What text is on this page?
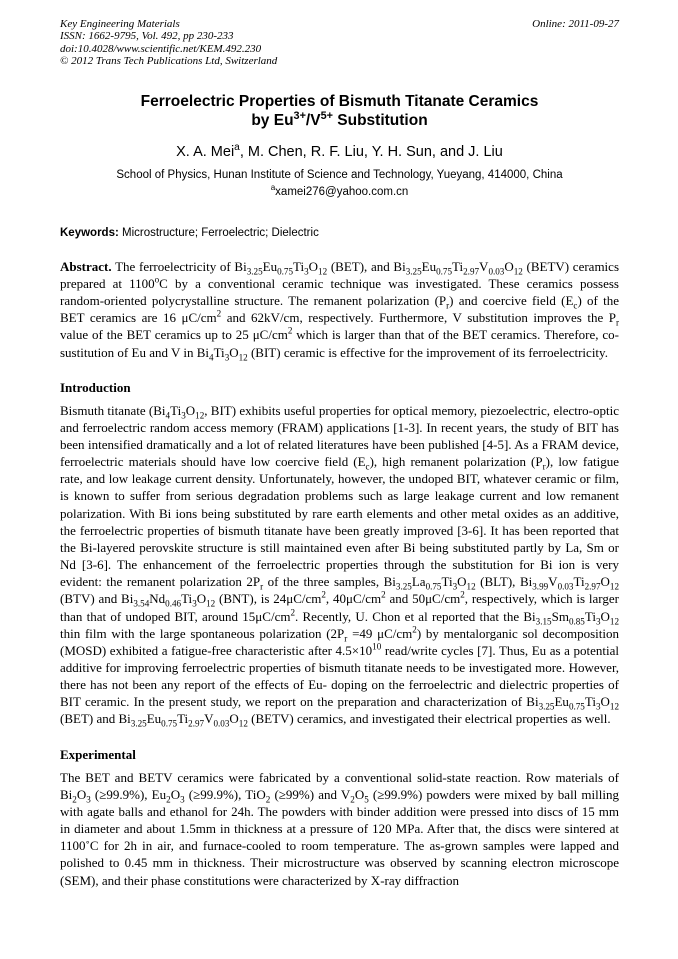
Key Engineering Materials
ISSN: 1662-9795, Vol. 492, pp 230-233
doi:10.4028/www.scientific.net/KEM.492.230
© 2012 Trans Tech Publications Ltd, Switzerland
Online: 2011-09-27
Ferroelectric Properties of Bismuth Titanate Ceramics
by $Eu^{3+}/V^{5+}$ Substitution
X. A. Mei$^a$, M. Chen, R. F. Liu, Y. H. Sun, and J. Liu
School of Physics, Hunan Institute of Science and Technology, Yueyang, 414000, China
$^a$xamei276@yahoo.com.cn
Keywords: Microstructure; Ferroelectric; Dielectric

Abstract. The ferroelectricity of $Bi_{3.25}Eu_{0.75}Ti_3O_{12}$ (BET), and $Bi_{3.25}Eu_{0.75}Ti_{2.97}V_{0.03}O_{12}$ (BETV) ceramics prepared at 1100$^o$C by a conventional ceramic technique was investigated. These ceramics possess random-oriented polycrystalline structure. The remanent polarization $(P_r)$ and coercive field $(E_c)$ of the BET ceramics are 16 $\mu C/cm^2$ and 62kV/cm, respectively. Furthermore, V substitution improves the $P_r$ value of the BET ceramics up to 25 $\mu C/cm^2$ which is larger than that of the BET ceramics. Therefore, co-sustitution of Eu and V in $Bi_4Ti_3O_{12}$ (BIT) ceramic is effective for the improvement of its ferroelectricity.

Introduction

Bismuth titanate ($Bi_4Ti_3O_{12}$, BIT) exhibits useful properties for optical memory, piezoelectric, electro-optic and ferroelectric random access memory (FRAM) applications [1-3]. In recent years, the study of BIT has been intensified dramatically and a lot of related literatures have been published [4-5]. As a FRAM device, ferroelectric materials should have low coercive field $(E_c)$, high remanent polarization $(P_r)$, low fatigue rate, and low leakage current density. Unfortunately, however, the undoped BIT, whatever ceramic or film, is known to suffer from serious degradation problems such as large leakage current and low remanent polarization. With Bi ions being substituted by rare earth elements and other metal oxides as an additive, the ferroelectric properties of bismuth titanate have been greatly improved [3-6]. It has been reported that the Bi-layered perovskite structure is still maintained even after Bi being substituted partly by La, Sm or Nd [3-6]. The enhancement of the ferroelectric properties through the substitution for Bi ion is very evident: the remanent polarization $2P_r$ of the three samples, $Bi_{3.25}La_{0.75}Ti_3O_{12}$ (BLT), $Bi_{3.99}V_{0.03}Ti_{2.97}O_{12}$ (BTV) and $Bi_{3.54}Nd_{0.46}Ti_3O_{12}$ (BNT), is $24\mu C/cm^2$, $40\mu C/cm^2$ and $50\mu C/cm^2$, respectively, which is larger than that of undoped BIT, around $15\mu C/cm^2$. Recently, U. Chon et al reported that the $Bi_{3.15}Sm_{0.85}Ti_3O_{12}$ thin film with the large spontaneous polarization ($2P_r =49$ $\mu C/cm^2$) by mentalorganic sol decomposition (MOSD) exhibited a fatigue-free characteristic after $4.5\times 10^{10}$ read/write cycles [7]. Thus, Eu as a potential additive for improving ferroelectric properties of bismuth titanate needs to be investigated more. However, there has not been any report of the effects of Eu- doping on the ferroelectric and dielectric properties of BIT ceramic. In the present study, we report on the preparation and characterization of $Bi_{3.25}Eu_{0.75}Ti_3O_{12}$ (BET) and $Bi_{3.25}Eu_{0.75}Ti_{2.97}V_{0.03}O_{12}$ (BETV) ceramics, and investigated their electrical properties as well.

Experimental

The BET and BETV ceramics were fabricated by a conventional solid-state reaction. Row materials of $Bi_2O_3$ (≥99.9%), $Eu_2O_3$ (≥99.9%), TiO$_2$ (≥99%) and $V_2O_5$ (≥99.9%) powders were mixed by ball milling with agate balls and ethanol for 24h. The powders with binder addition were pressed into discs of 15 mm in diameter and about 1.5mm in thickness at a pressure of 120 MPa. After that, the discs were sintered at 1100˚C for 2h in air, and furnace-cooled to room temperature. The as-grown samples were lapped and polished to 0.45 mm in thickness. Their microstructure was observed by scanning electron microscope (SEM), and their phase constitutions were characterized by X-ray diffraction
